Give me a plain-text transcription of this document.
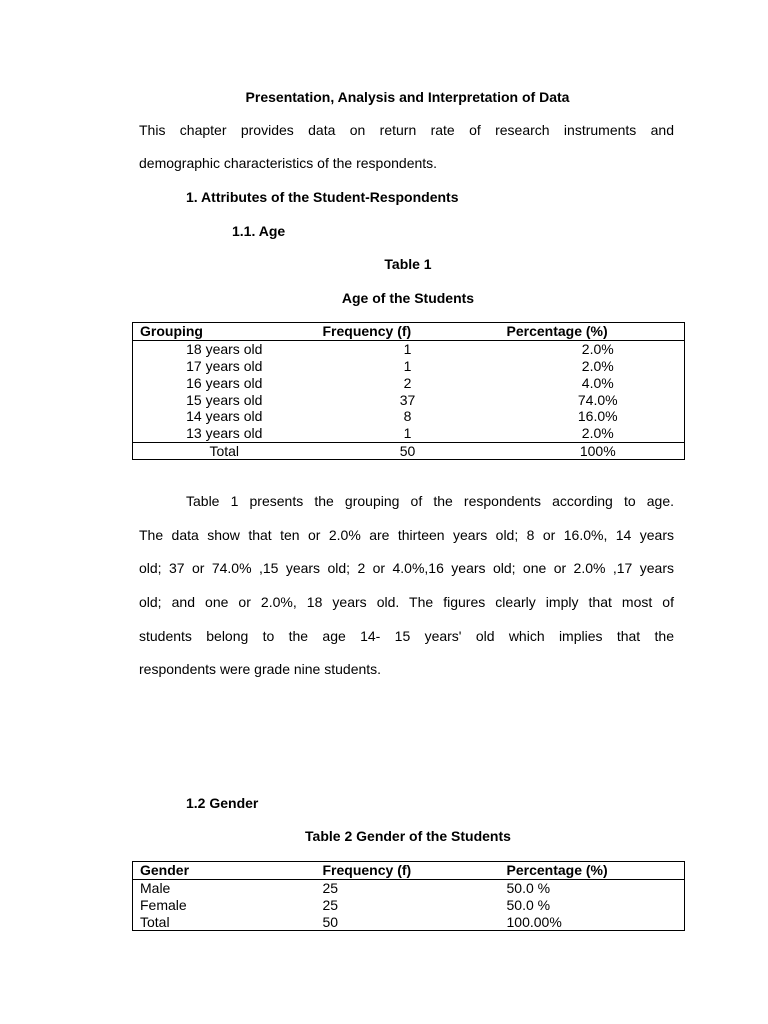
Presentation, Analysis and Interpretation of Data
This chapter provides data on return rate of research instruments and
demographic characteristics of the respondents.
1. Attributes of the Student-Respondents
1.1. Age
Table 1
Age of the Students
Grouping	Frequency (f)	Percentage (%)
18 years old	1	2.0%
17 years old	1	2.0%
16 years old	2	4.0%
15 years old	37	74.0%
14 years old	8	16.0%
13 years old	1	2.0%
Total	50	100%
Table 1 presents the grouping of the respondents according to age.
The data show that ten or 2.0% are thirteen years old; 8 or 16.0%, 14 years
old; 37 or 74.0% ,15 years old; 2 or 4.0%,16 years old; one or 2.0% ,17 years
old; and one or 2.0%, 18 years old. The figures clearly imply that most of
students belong to the age 14- 15 years' old which implies that the
respondents were grade nine students.
1.2 Gender
Table 2 Gender of the Students
Gender	Frequency (f)	Percentage (%)
Male	25	50.0 %
Female	25	50.0 %
Total	50	100.00%
